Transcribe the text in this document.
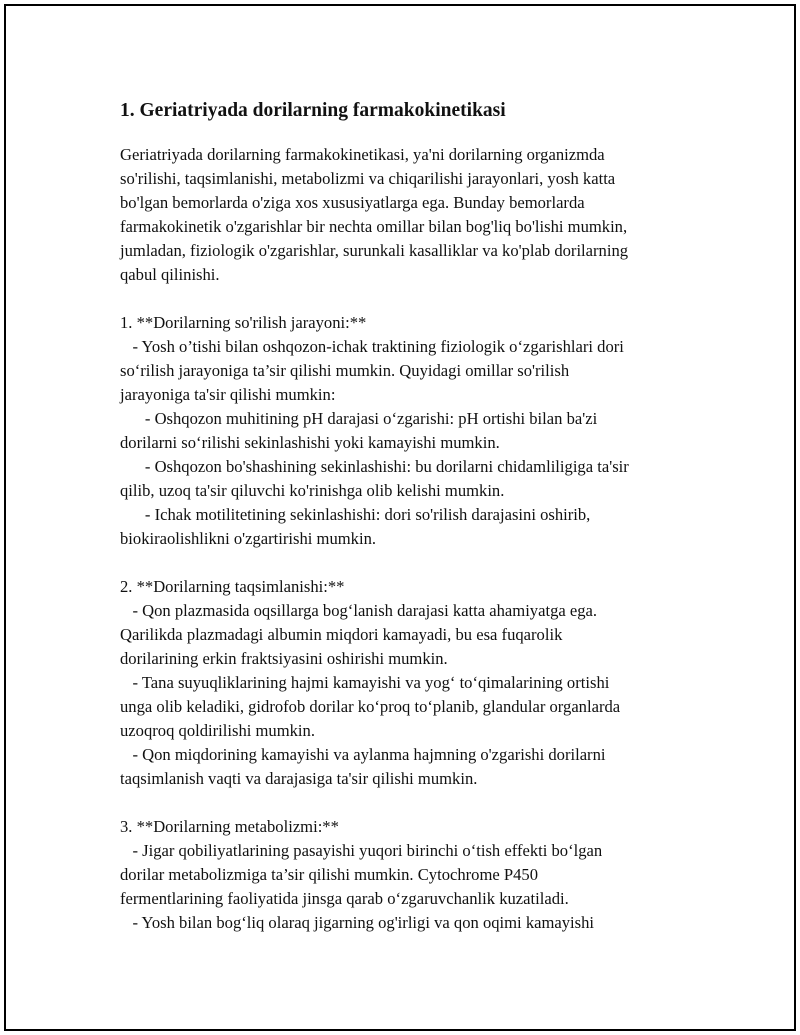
1. Geriatriyada dorilarning farmakokinetikasi
Geriatriyada dorilarning farmakokinetikasi, ya'ni dorilarning organizmda
so'rilishi, taqsimlanishi, metabolizmi va chiqarilishi jarayonlari, yosh katta
bo'lgan bemorlarda o'ziga xos xususiyatlarga ega. Bunday bemorlarda
farmakokinetik o'zgarishlar bir nechta omillar bilan bog'liq bo'lishi mumkin,
jumladan, fiziologik o'zgarishlar, surunkali kasalliklar va ko'plab dorilarning
qabul qilinishi.
1. **Dorilarning so'rilish jarayoni:**
- Yosh o’tishi bilan oshqozon-ichak traktining fiziologik o‘zgarishlari dori
so‘rilish jarayoniga ta’sir qilishi mumkin. Quyidagi omillar so'rilish
jarayoniga ta'sir qilishi mumkin:
- Oshqozon muhitining pH darajasi o‘zgarishi: pH ortishi bilan ba'zi
dorilarni so‘rilishi sekinlashishi yoki kamayishi mumkin.
- Oshqozon bo'shashining sekinlashishi: bu dorilarni chidamliligiga ta'sir
qilib, uzoq ta'sir qiluvchi ko'rinishga olib kelishi mumkin.
- Ichak motilitetining sekinlashishi: dori so'rilish darajasini oshirib,
biokiraolishlikni o'zgartirishi mumkin.
2. **Dorilarning taqsimlanishi:**
- Qon plazmasida oqsillarga bog‘lanish darajasi katta ahamiyatga ega.
Qarilikda plazmadagi albumin miqdori kamayadi, bu esa fuqarolik
dorilarining erkin fraktsiyasini oshirishi mumkin.
- Tana suyuqliklarining hajmi kamayishi va yog‘ to‘qimalarining ortishi
unga olib keladiki, gidrofob dorilar ko‘proq to‘planib, glandular organlarda
uzoqroq qoldirilishi mumkin.
- Qon miqdorining kamayishi va aylanma hajmning o'zgarishi dorilarni
taqsimlanish vaqti va darajasiga ta'sir qilishi mumkin.
3. **Dorilarning metabolizmi:**
- Jigar qobiliyatlarining pasayishi yuqori birinchi o‘tish effekti bo‘lgan
dorilar metabolizmiga ta’sir qilishi mumkin. Cytochrome P450
fermentlarining faoliyatida jinsga qarab o‘zgaruvchanlik kuzatiladi.
- Yosh bilan bog‘liq olaraq jigarning og'irligi va qon oqimi kamayishi
